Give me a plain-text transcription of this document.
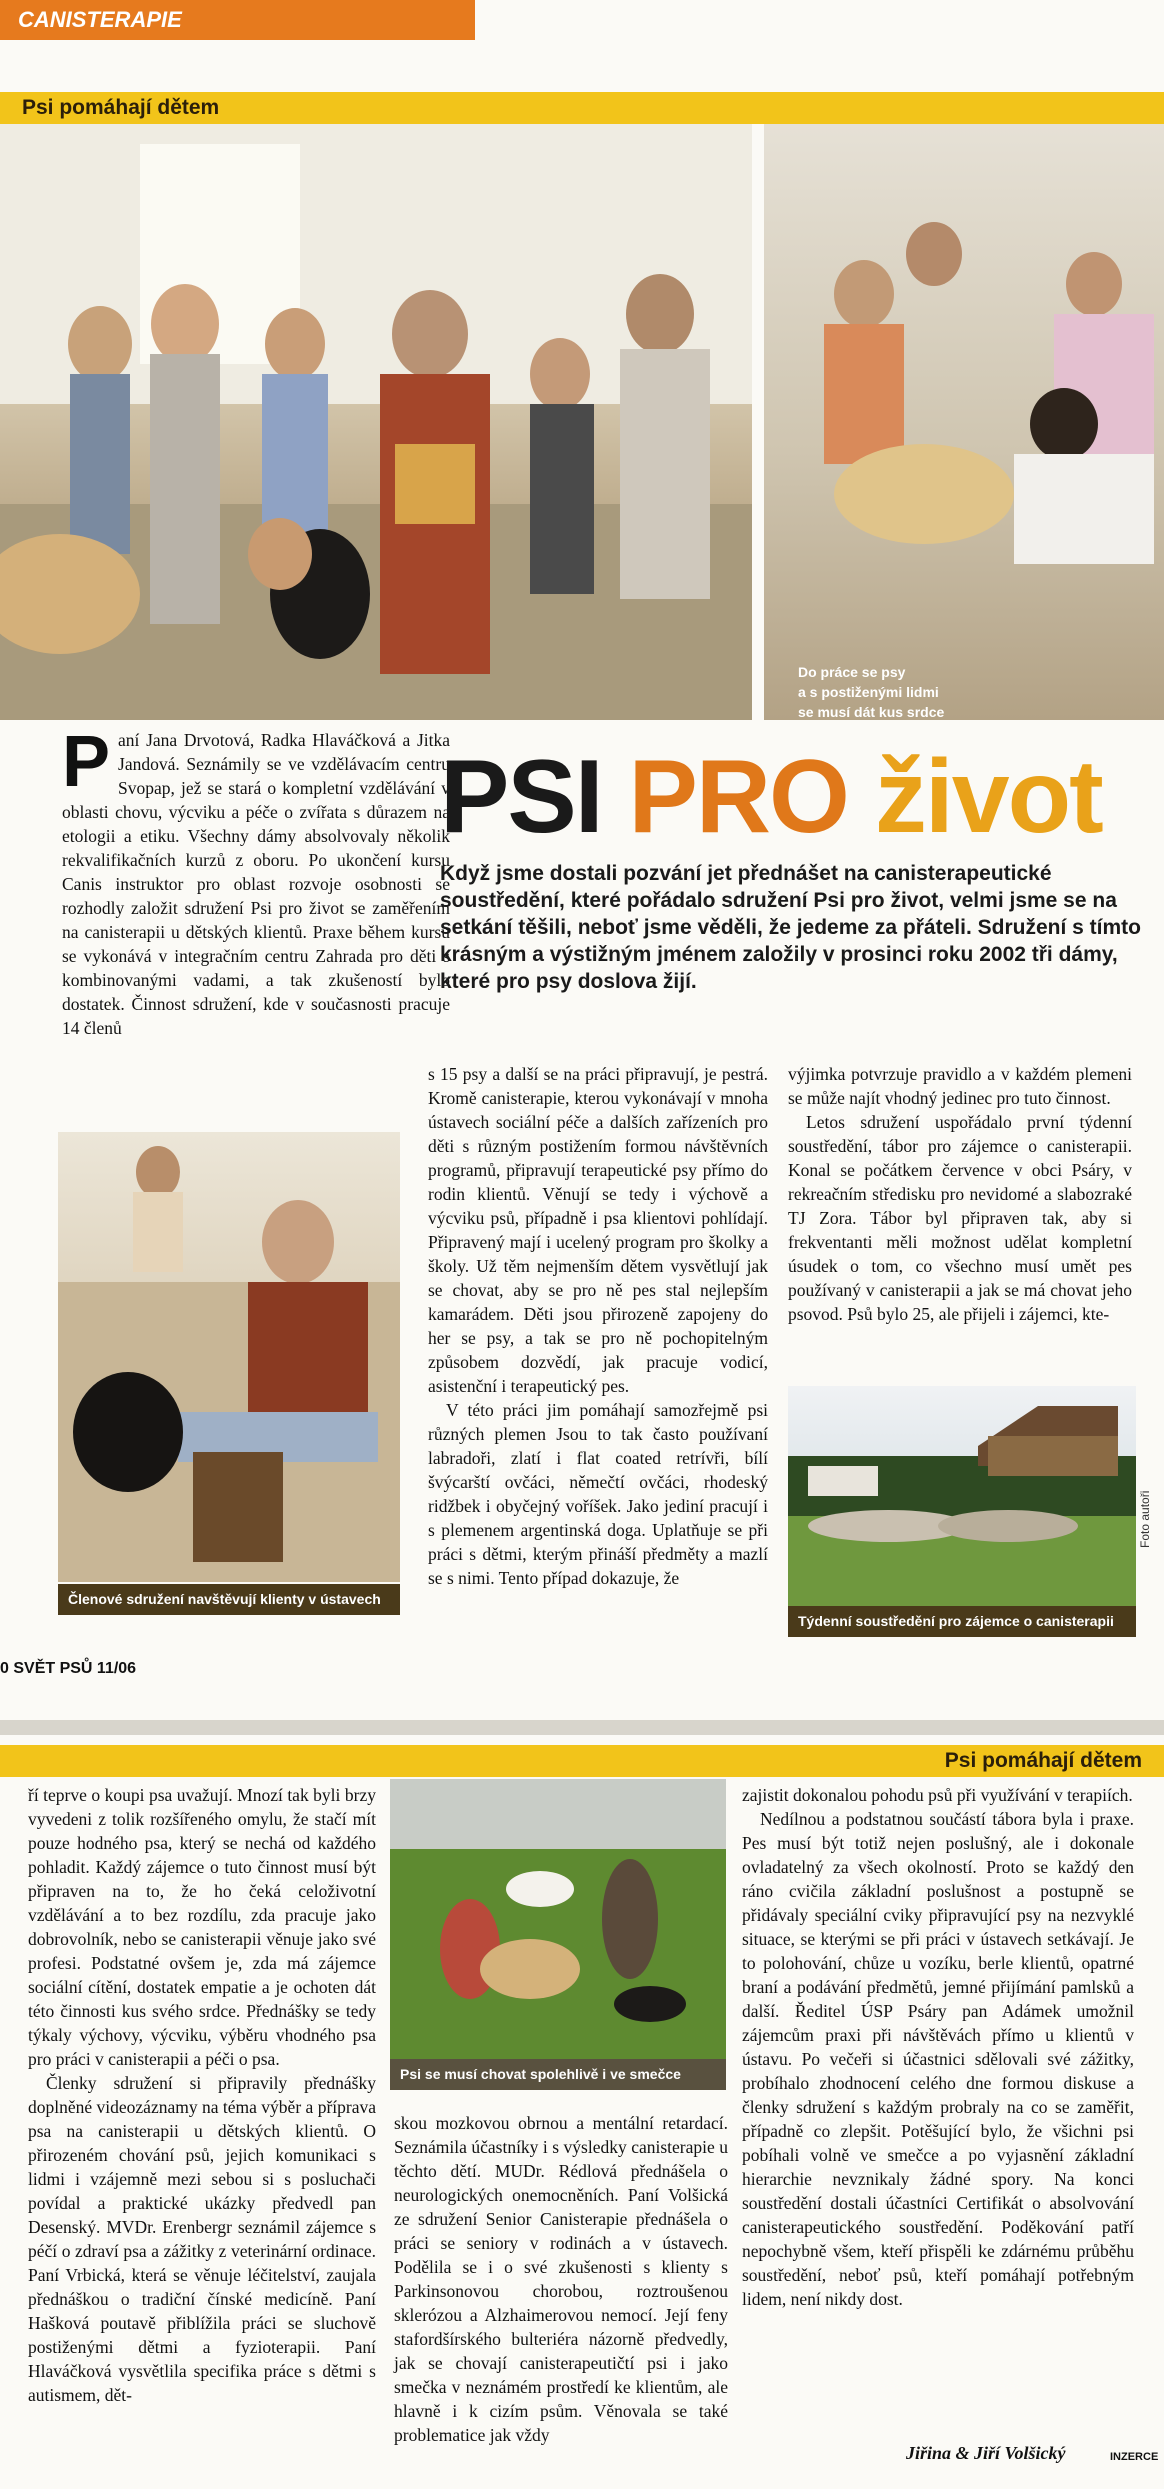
CANISTERAPIE
Psi pomáhají dětem
Do práce se psy
a s postiženými lidmi
se musí dát kus srdce

Paní Jana Drvotová, Radka Hlaváčková a Jitka Jandová. Seznámily se ve vzdělávacím centru Svopap, jež se stará o kompletní vzdělávání v oblasti chovu, výcviku a péče o zvířata s důrazem na etologii a etiku. Všechny dámy absolvovaly několik rekvalifikačních kurzů z oboru. Po ukončení kursu Canis instruktor pro oblast rozvoje osobnosti se rozhodly založit sdružení Psi pro život se zaměřením na canisterapii u dětských klientů. Praxe během kursu se vykonává v integračním centru Zahrada pro děti s kombinovanými vadami, a tak zkušeností bylo dostatek. Činnost sdružení, kde v současnosti pracuje 14 členů

Členové sdružení navštěvují klienty v ústavech
PSI PRO život
Když jsme dostali pozvání jet přednášet na canisterapeutické soustředění, které pořádalo sdružení Psi pro život, velmi jsme se na setkání těšili, neboť jsme věděli, že jedeme za přáteli. Sdružení s tímto krásným a výstižným jménem založily v prosinci roku 2002 tři dámy, které pro psy doslova žijí.

s 15 psy a další se na práci připravují, je pestrá. Kromě canisterapie, kterou vykonávají v mnoha ústavech sociální péče a dalších zařízeních pro děti s různým postižením formou návštěvních programů, připravují terapeutické psy přímo do rodin klientů. Věnují se tedy i výchově a výcviku psů, případně i psa klientovi pohlídají. Připravený mají i ucelený program pro školky a školy. Už těm nejmenším dětem vysvětlují jak se chovat, aby se pro ně pes stal nejlepším kamarádem. Děti jsou přirozeně zapojeny do her se psy, a tak se pro ně pochopitelným způsobem dozvědí, jak pracuje vodicí, asistenční i terapeutický pes.

V této práci jim pomáhají samozřejmě psi různých plemen Jsou to tak často používaní labradoři, zlatí i flat coated retrívři, bílí švýcarští ovčáci, němečtí ovčáci, rhodeský ridžbek i obyčejný voříšek. Jako jediní pracují i s plemenem argentinská doga. Uplatňuje se při práci s dětmi, kterým přináší předměty a mazlí se s nimi. Tento případ dokazuje, že

výjimka potvrzuje pravidlo a v každém plemeni se může najít vhodný jedinec pro tuto činnost.

Letos sdružení uspořádalo první týdenní soustředění, tábor pro zájemce o canisterapii. Konal se počátkem července v obci Psáry, v rekreačním středisku pro nevidomé a slabozraké TJ Zora. Tábor byl připraven tak, aby si frekventanti měli možnost udělat kompletní úsudek o tom, co všechno musí umět pes používaný v canisterapii a jak se má chovat jeho psovod. Psů bylo 25, ale přijeli i zájemci, kte-

Týdenní soustředění pro zájemce o canisterapii
0 SVĚT PSŮ 11/06
Foto autoři
Psi pomáhají dětem

ří teprve o koupi psa uvažují. Mnozí tak byli brzy vyvedeni z tolik rozšířeného omylu, že stačí mít pouze hodného psa, který se nechá od každého pohladit. Každý zájemce o tuto činnost musí být připraven na to, že ho čeká celoživotní vzdělávání a to bez rozdílu, zda pracuje jako dobrovolník, nebo se canisterapii věnuje jako své profesi. Podstatné ovšem je, zda má zájemce sociální cítění, dostatek empatie a je ochoten dát této činnosti kus svého srdce. Přednášky se tedy týkaly výchovy, výcviku, výběru vhodného psa pro práci v canisterapii a péči o psa.

Členky sdružení si připravily přednášky doplněné videozáznamy na téma výběr a příprava psa na canisterapii u dětských klientů. O přirozeném chování psů, jejich komunikaci s lidmi i vzájemně mezi sebou si s posluchači povídal a praktické ukázky předvedl pan Desenský. MVDr. Erenbergr seznámil zájemce s péčí o zdraví psa a zážitky z veterinární ordinace. Paní Vrbická, která se věnuje léčitelství, zaujala přednáškou o tradiční čínské medicíně. Paní Hašková poutavě přiblížila práci se sluchově postiženými dětmi a fyzioterapii. Paní Hlaváčková vysvětlila specifika práce s dětmi s autismem, dět-

Psi se musí chovat spolehlivě i ve smečce

skou mozkovou obrnou a mentální retardací. Seznámila účastníky i s výsledky canisterapie u těchto dětí. MUDr. Rédlová přednášela o neurologických onemocněních. Paní Volšická ze sdružení Senior Canisterapie přednášela o práci se seniory v rodinách a v ústavech. Podělila se i o své zkušenosti s klienty s Parkinsonovou chorobou, roztroušenou sklerózou a Alzhaimerovou nemocí. Její feny stafordšírského bulteriéra názorně předvedly, jak se chovají canisterapeutičtí psi i jako smečka v neznámém prostředí ke klientům, ale hlavně i k cizím psům. Věnovala se také problematice jak vždy

zajistit dokonalou pohodu psů při využívání v terapiích.

Nedílnou a podstatnou součástí tábora byla i praxe. Pes musí být totiž nejen poslušný, ale i dokonale ovladatelný za všech okolností. Proto se každý den ráno cvičila základní poslušnost a postupně se přidávaly speciální cviky připravující psy na nezvyklé situace, se kterými se při práci v ústavech setkávají. Je to polohování, chůze u vozíku, berle klientů, opatrné braní a podávání předmětů, jemné přijímání pamlsků a další. Ředitel ÚSP Psáry pan Adámek umožnil zájemcům praxi při návštěvách přímo u klientů v ústavu. Po večeři si účastnici sdělovali své zážitky, probíhalo zhodnocení celého dne formou diskuse a členky sdružení s každým probraly na co se zaměřit, případně co zlepšit. Potěšující bylo, že všichni psi pobíhali volně ve smečce a po vyjasnění základní hierarchie nevznikaly žádné spory. Na konci soustředění dostali účastníci Certifikát o absolvování canisterapeutického soustředění. Poděkování patří nepochybně všem, kteří přispěli ke zdárnému průběhu soustředění, neboť psů, kteří pomáhají potřebným lidem, není nikdy dost.

Jiřina & Jiří Volšický	INZERCE
